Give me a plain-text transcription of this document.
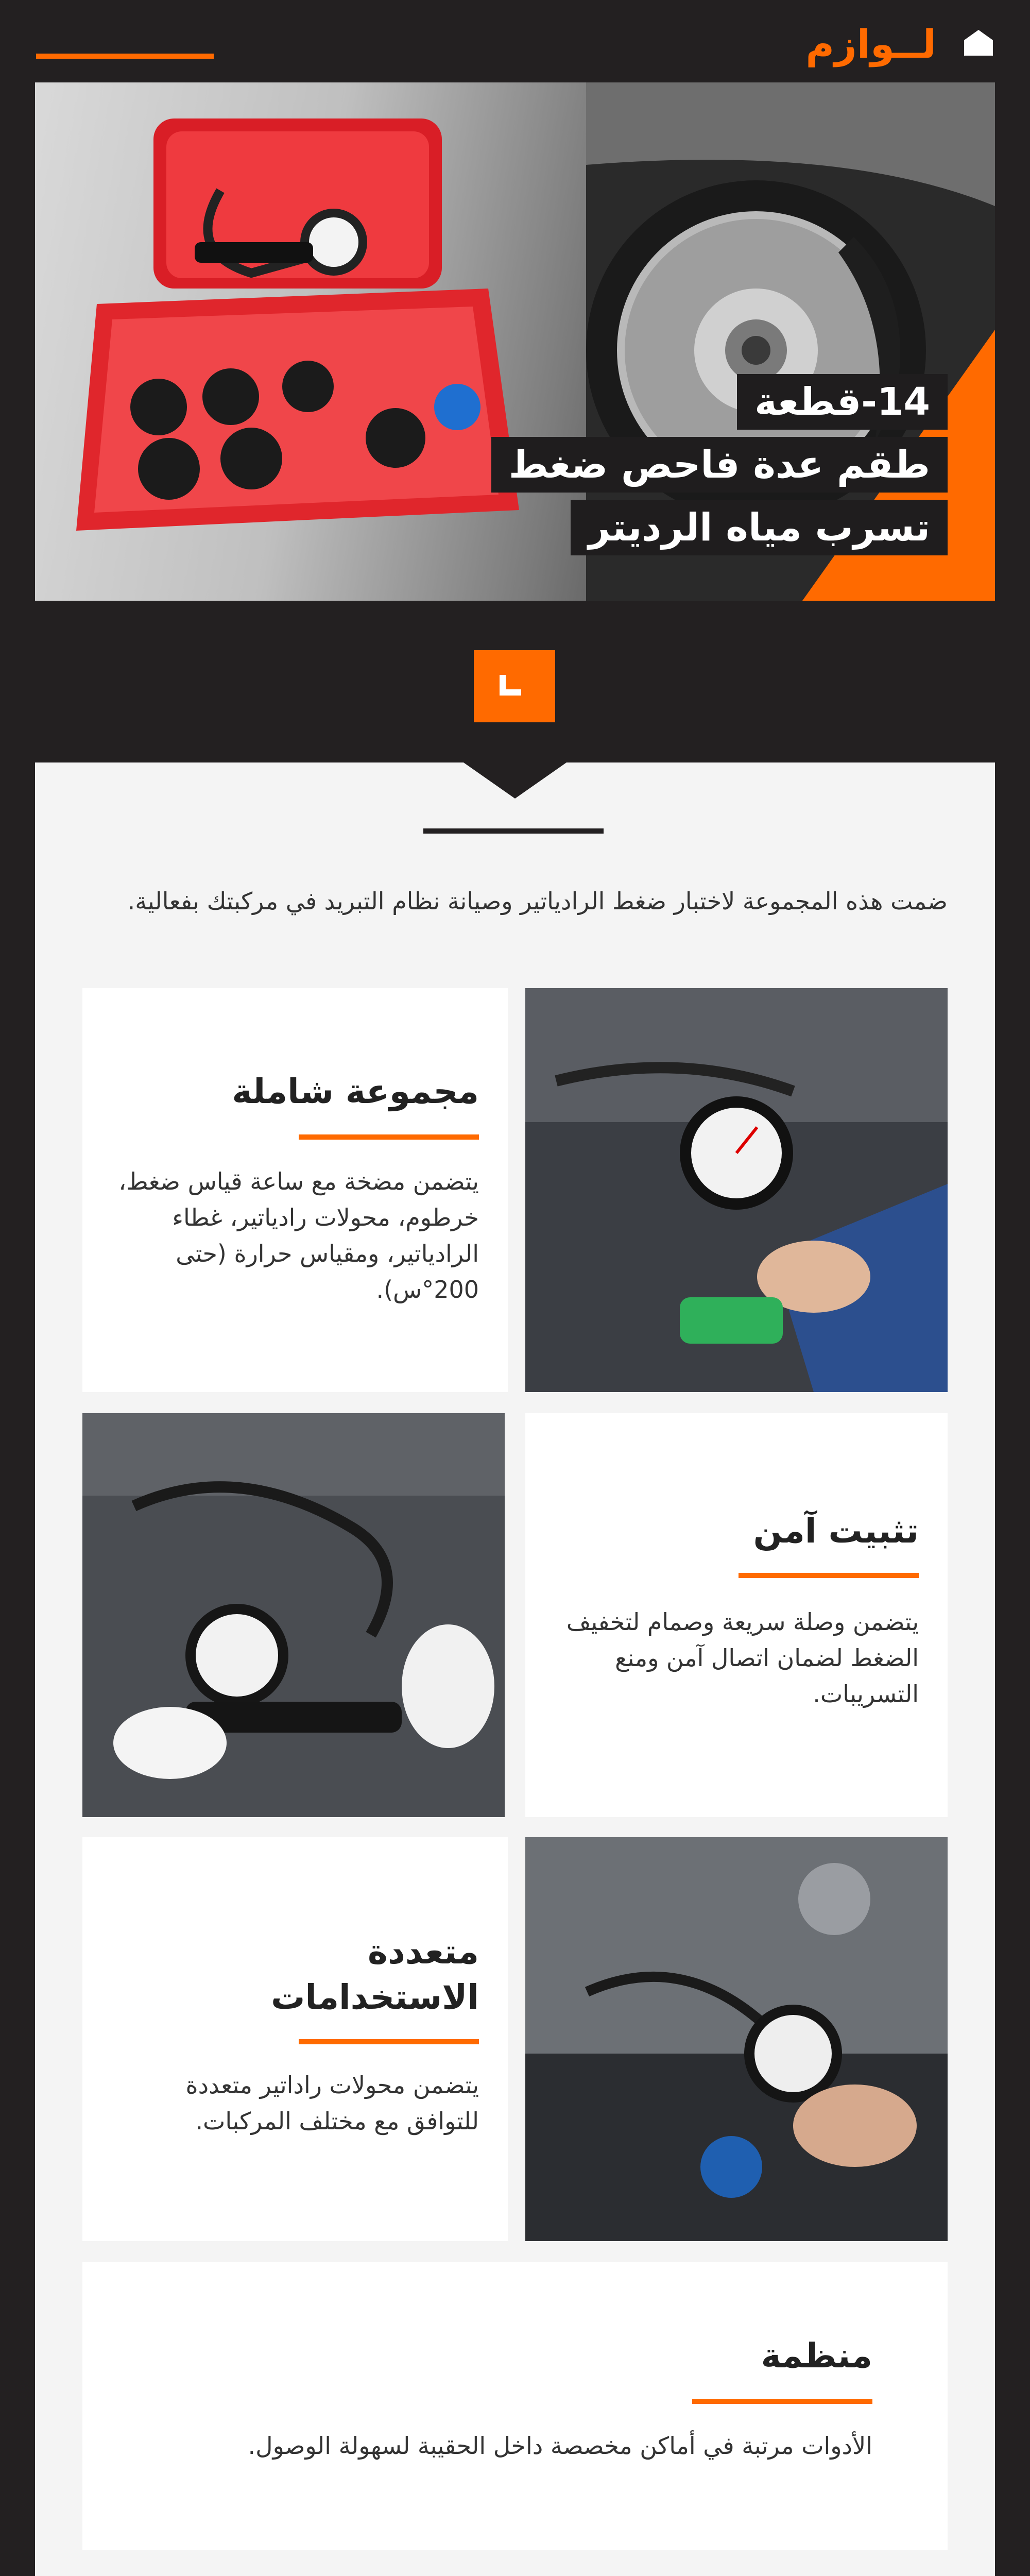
لــوازم
14-قطعة
طقم عدة فاحص ضغط
تسرب مياه الرديتر
ضمت هذه المجموعة لاختبار ضغط الرادياتير وصيانة نظام التبريد في مركبتك بفعالية.
مجموعة شاملة

يتضمن مضخة مع ساعة قياس ضغط، خرطوم، محولات رادياتير، غطاء الرادياتير، ومقياس حرارة (حتى 200°س).

تثبيت آمن

يتضمن وصلة سريعة وصمام لتخفيف الضغط لضمان اتصال آمن ومنع التسريبات.

متعددة
الاستخدامات

يتضمن محولات راداتير متعددة للتوافق مع مختلف المركبات.

منظمة

الأدوات مرتبة في أماكن مخصصة داخل الحقيبة لسهولة الوصول.
